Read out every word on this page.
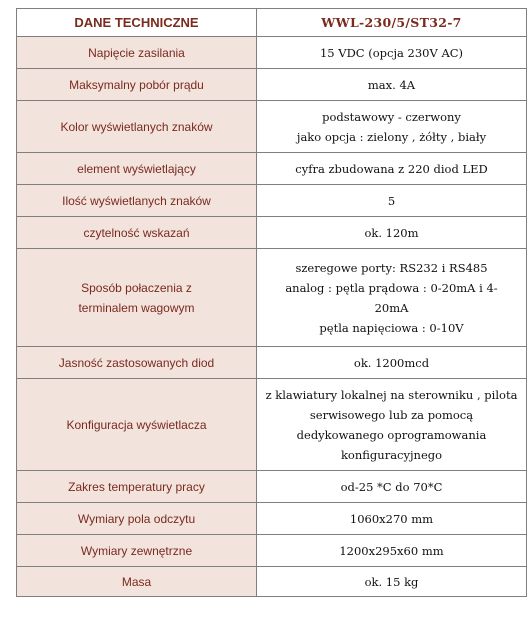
DANE TECHNICZNE	WWL-230/5/ST32-7
Napięcie zasilania	15 VDC (opcja 230V AC)

Maksymalny pobór prądu	max. 4A

Kolor wyświetlanych znaków	podstawowy - czerwony
jako opcja : zielony , żółty , biały

element wyświetlający	cyfra zbudowana z 220 diod LED

Ilość wyświetlanych znaków	5

czytelność wskazań	ok. 120m

Sposób połaczenia z
terminalem wagowym	szeregowe porty: RS232 i RS485
analog : pętla prądowa : 0-20mA i 4-
20mA
pętla napięciowa : 0-10V

Jasność zastosowanych diod	ok. 1200mcd

Konfiguracja wyświetlacza	z klawiatury lokalnej na sterowniku , pilota
serwisowego lub za pomocą
dedykowanego oprogramowania
konfiguracyjnego

Zakres temperatury pracy	od-25 *C do 70*C

Wymiary pola odczytu	1060x270 mm

Wymiary zewnętrzne	1200x295x60 mm

Masa	ok. 15 kg
